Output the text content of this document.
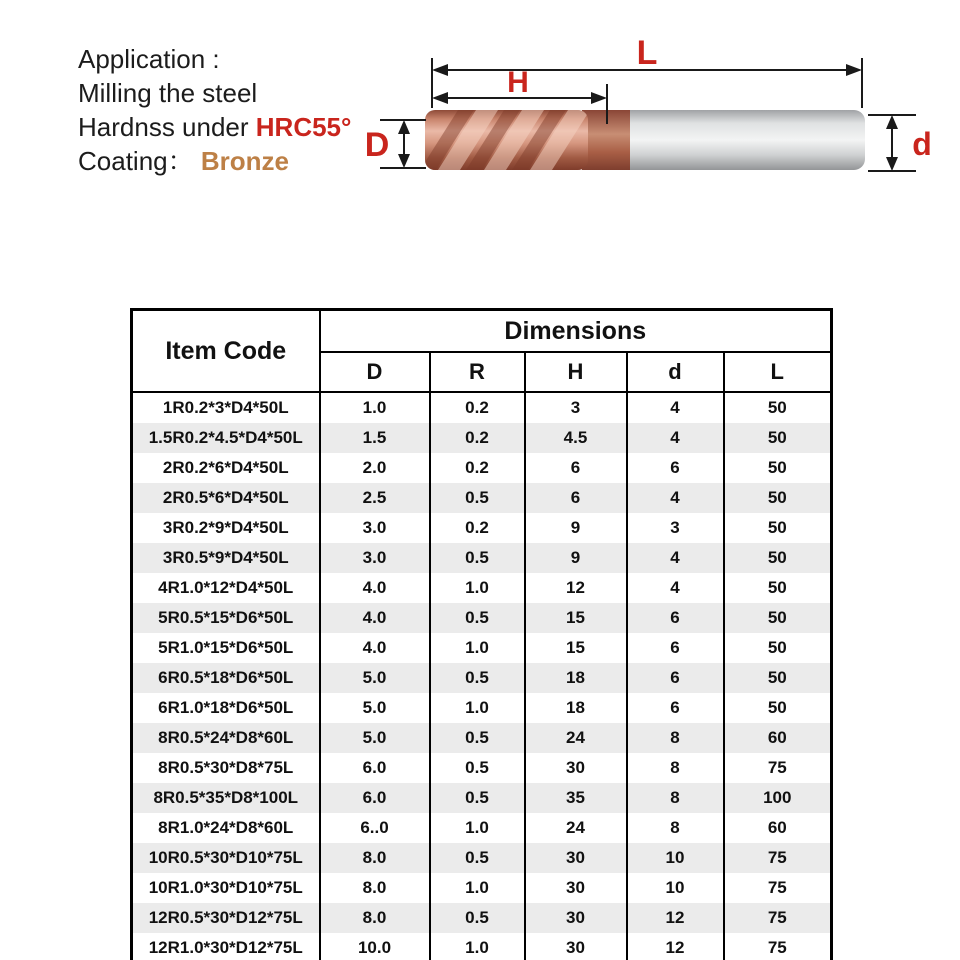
Application :
Milling the steel
Hardnss under HRC55°
Coating： Bronze
L
H
D	d
Item Code	Dimensions				
	D	R	H	d	L
1R0.2*3*D4*50L	1.0	0.2	3	4	50
1.5R0.2*4.5*D4*50L	1.5	0.2	4.5	4	50
2R0.2*6*D4*50L	2.0	0.2	6	6	50
2R0.5*6*D4*50L	2.5	0.5	6	4	50
3R0.2*9*D4*50L	3.0	0.2	9	3	50
3R0.5*9*D4*50L	3.0	0.5	9	4	50
4R1.0*12*D4*50L	4.0	1.0	12	4	50
5R0.5*15*D6*50L	4.0	0.5	15	6	50
5R1.0*15*D6*50L	4.0	1.0	15	6	50
6R0.5*18*D6*50L	5.0	0.5	18	6	50
6R1.0*18*D6*50L	5.0	1.0	18	6	50
8R0.5*24*D8*60L	5.0	0.5	24	8	60
8R0.5*30*D8*75L	6.0	0.5	30	8	75
8R0.5*35*D8*100L	6.0	0.5	35	8	100
8R1.0*24*D8*60L	6..0	1.0	24	8	60
10R0.5*30*D10*75L	8.0	0.5	30	10	75
10R1.0*30*D10*75L	8.0	1.0	30	10	75
12R0.5*30*D12*75L	8.0	0.5	30	12	75
12R1.0*30*D12*75L	10.0	1.0	30	12	75
